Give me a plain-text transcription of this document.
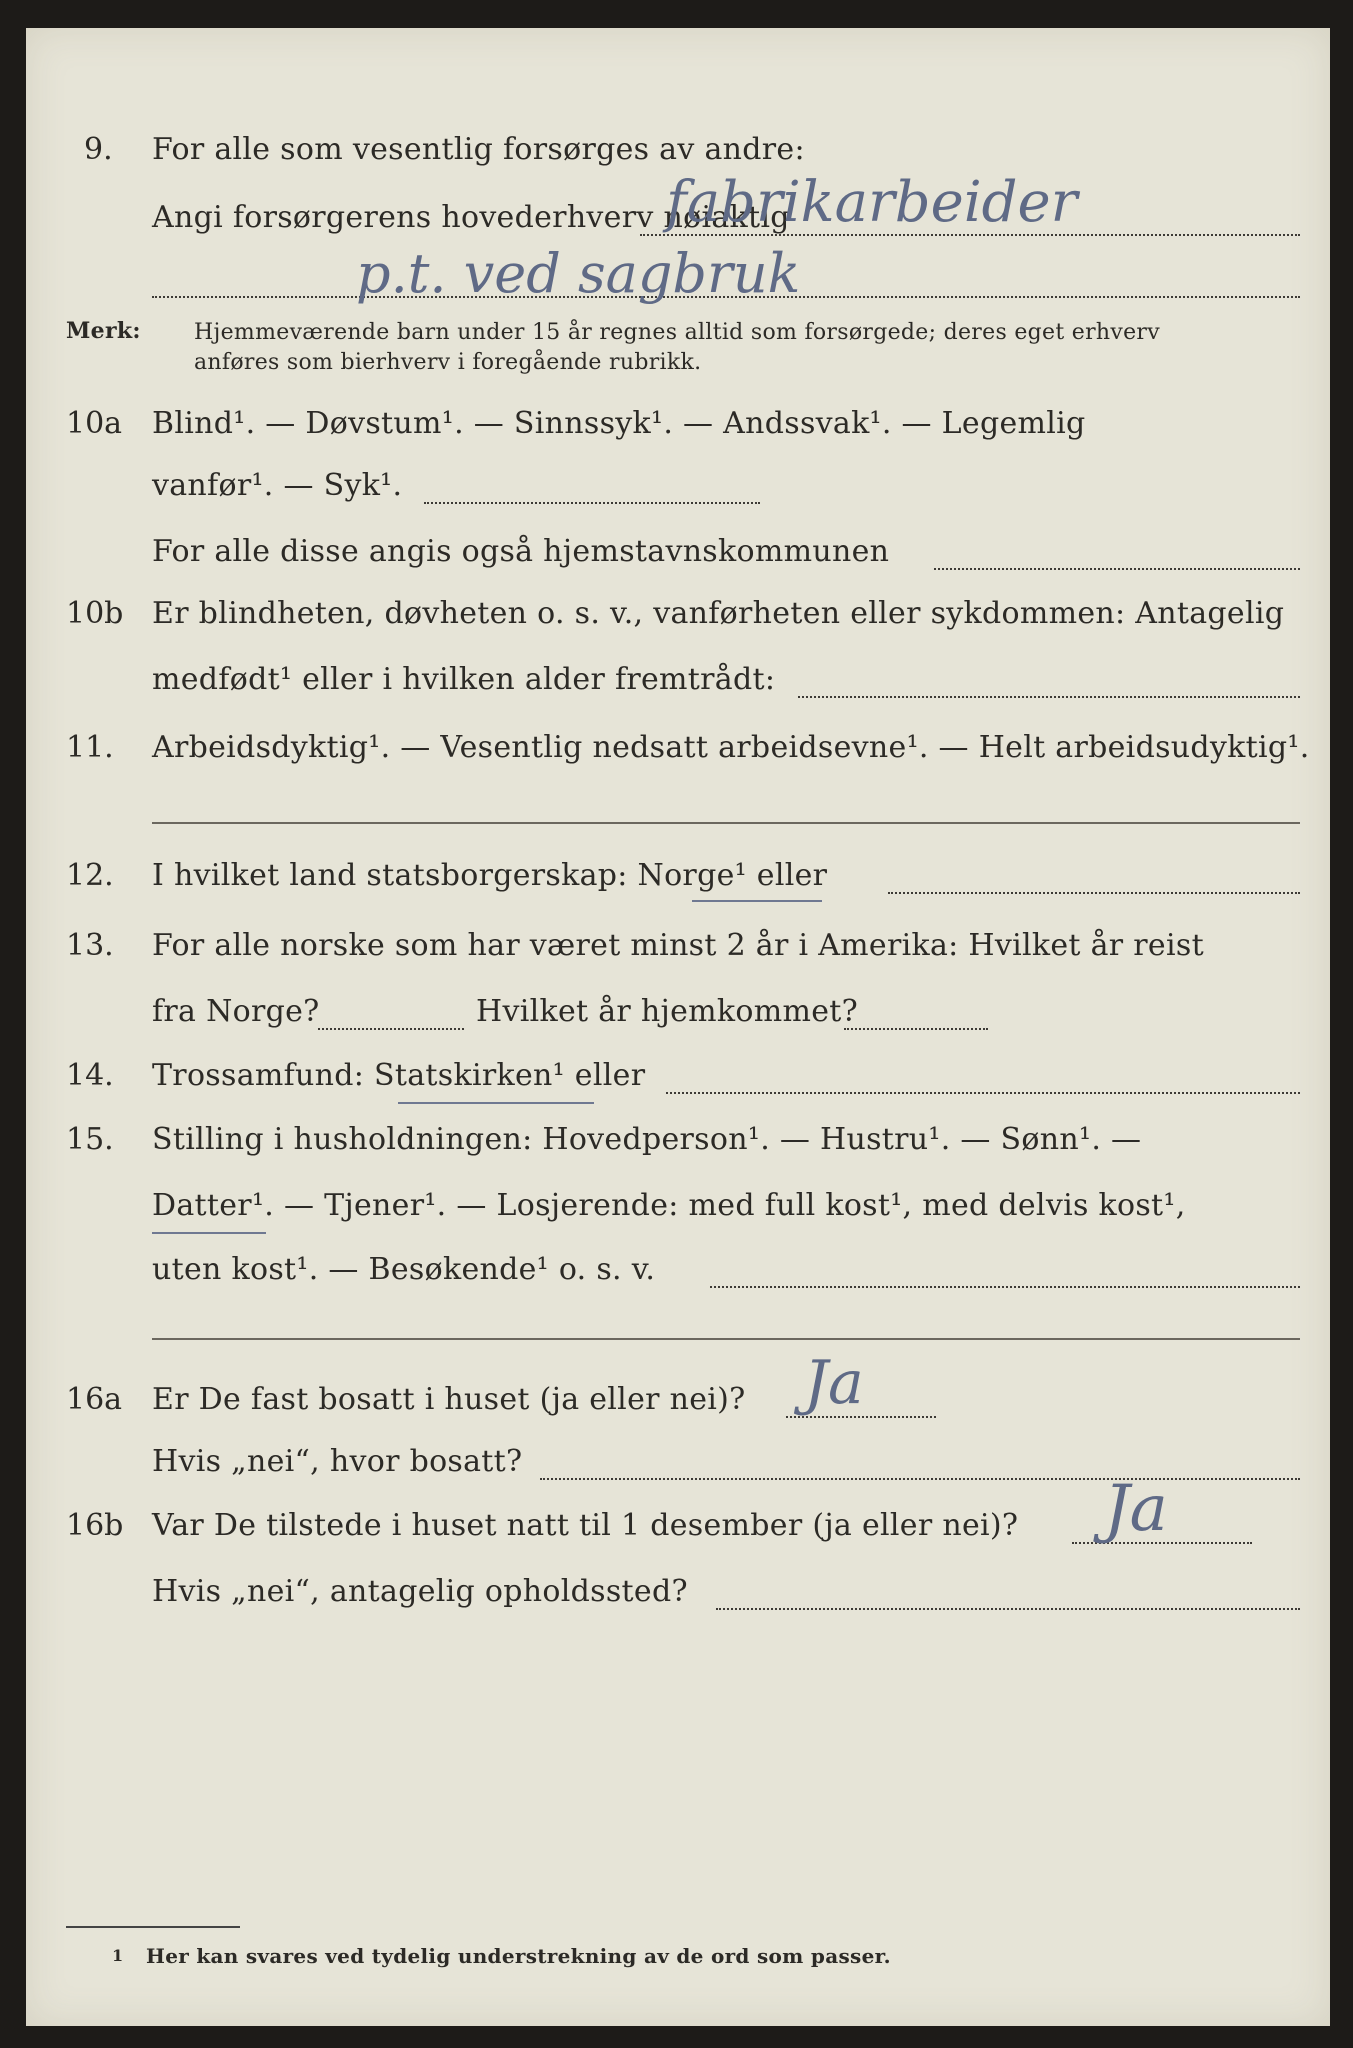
9. For alle som vesentlig forsørges av andre:
Angi forsørgerens hovederhverv nøiaktig
fabrikarbeider
p.t. ved sagbruk
Merk: Hjemmeværende barn under 15 år regnes alltid som forsørgede; deres eget erhverv
anføres som bierhverv i foregående rubrikk.
10a Blind¹. — Døvstum¹. — Sinnssyk¹. — Andssvak¹. — Legemlig
vanfør¹. — Syk¹.
For alle disse angis også hjemstavnskommunen
10b Er blindheten, døvheten o. s. v., vanførheten eller sykdommen: Antagelig
medfødt¹ eller i hvilken alder fremtrådt:
11. Arbeidsdyktig¹. — Vesentlig nedsatt arbeidsevne¹. — Helt arbeidsudyktig¹.
12. I hvilket land statsborgerskap: Norge¹ eller
13. For alle norske som har været minst 2 år i Amerika: Hvilket år reist
fra Norge?	Hvilket år hjemkommet?
14. Trossamfund: Statskirken¹ eller
15. Stilling i husholdningen: Hovedperson¹. — Hustru¹. — Sønn¹. —
Datter¹. — Tjener¹. — Losjerende: med full kost¹, med delvis kost¹,
uten kost¹. — Besøkende¹ o. s. v.
16a Er De fast bosatt i huset (ja eller nei)? Ja
Hvis „nei“, hvor bosatt?
16b Var De tilstede i huset natt til 1 desember (ja eller nei)? Ja
Hvis „nei“, antagelig opholdssted?
1 Her kan svares ved tydelig understrekning av de ord som passer.
